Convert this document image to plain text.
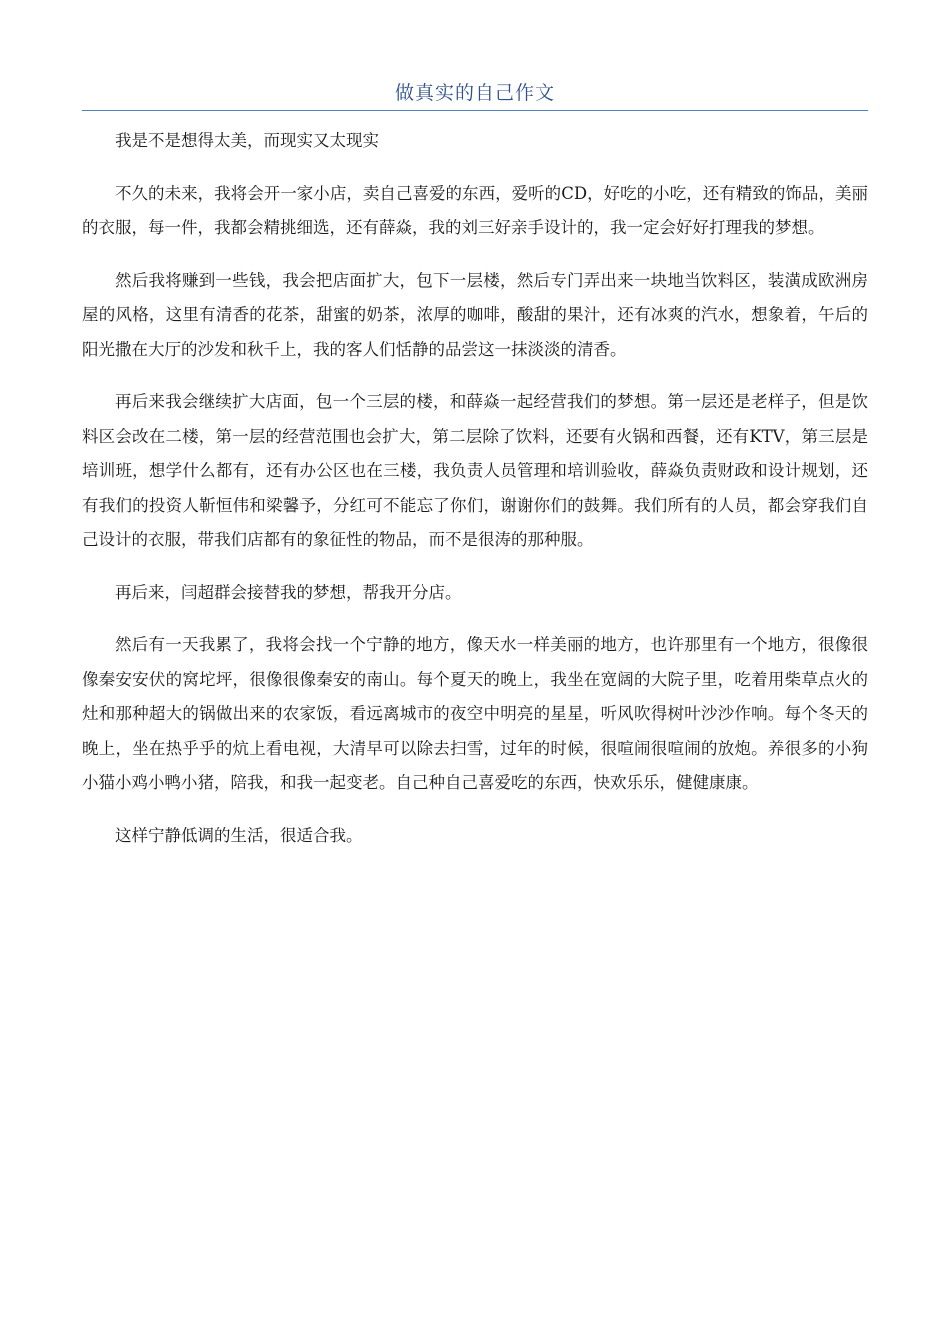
做真实的自己作文

我是不是想得太美，而现实又太现实

不久的未来，我将会开一家小店，卖自己喜爱的东西，爱听的CD，好吃的小吃，还有精致的饰品，美丽的衣服，每一件，我都会精挑细选，还有薛焱，我的刘三好亲手设计的，我一定会好好打理我的梦想。

然后我将赚到一些钱，我会把店面扩大，包下一层楼，然后专门弄出来一块地当饮料区，装潢成欧洲房屋的风格，这里有清香的花茶，甜蜜的奶茶，浓厚的咖啡，酸甜的果汁，还有冰爽的汽水，想象着，午后的阳光撒在大厅的沙发和秋千上，我的客人们恬静的品尝这一抹淡淡的清香。

再后来我会继续扩大店面，包一个三层的楼，和薛焱一起经营我们的梦想。第一层还是老样子，但是饮料区会改在二楼，第一层的经营范围也会扩大，第二层除了饮料，还要有火锅和西餐，还有KTV，第三层是培训班，想学什么都有，还有办公区也在三楼，我负责人员管理和培训验收，薛焱负责财政和设计规划，还有我们的投资人靳恒伟和梁馨予，分红可不能忘了你们，谢谢你们的鼓舞。我们所有的人员，都会穿我们自己设计的衣服，带我们店都有的象征性的物品，而不是很涛的那种服。

再后来，闫超群会接替我的梦想，帮我开分店。

然后有一天我累了，我将会找一个宁静的地方，像天水一样美丽的地方，也许那里有一个地方，很像很像秦安安伏的窝坨坪，很像很像秦安的南山。每个夏天的晚上，我坐在宽阔的大院子里，吃着用柴草点火的灶和那种超大的锅做出来的农家饭，看远离城市的夜空中明亮的星星，听风吹得树叶沙沙作响。每个冬天的晚上，坐在热乎乎的炕上看电视，大清早可以除去扫雪，过年的时候，很喧闹很喧闹的放炮。养很多的小狗小猫小鸡小鸭小猪，陪我，和我一起变老。自己种自己喜爱吃的东西，快欢乐乐，健健康康。

这样宁静低调的生活，很适合我。
